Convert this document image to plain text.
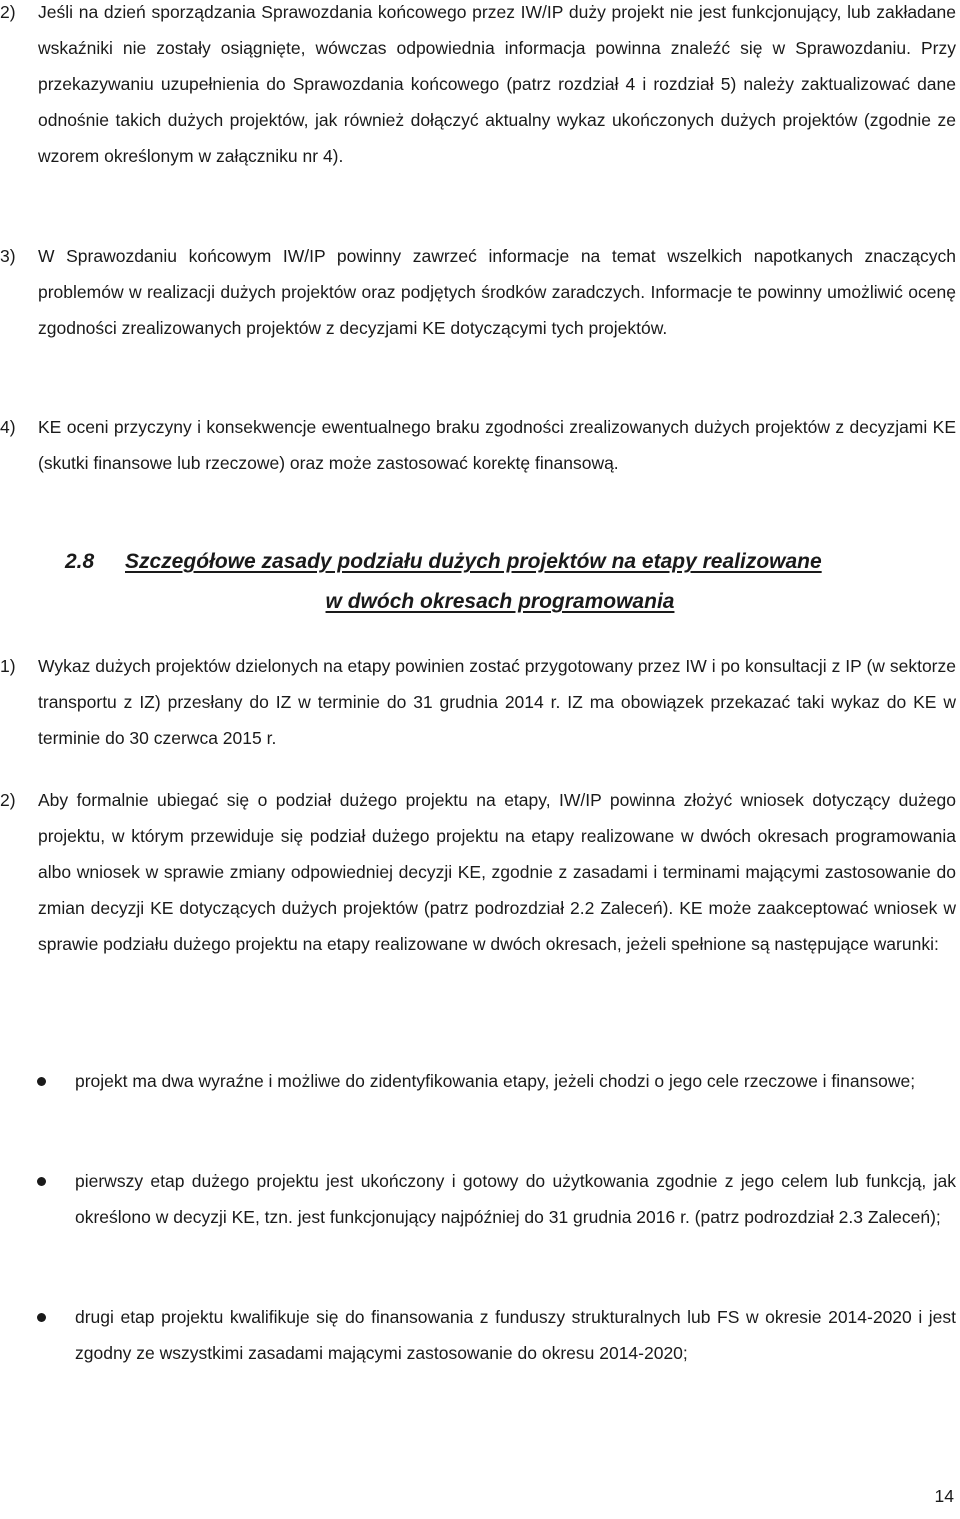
2)	Jeśli na dzień sporządzania Sprawozdania końcowego przez IW/IP duży projekt nie jest funkcjonujący, lub zakładane wskaźniki nie zostały osiągnięte, wówczas odpowiednia informacja powinna znaleźć się w Sprawozdaniu. Przy przekazywaniu uzupełnienia do Sprawozdania końcowego (patrz rozdział 4 i rozdział 5) należy zaktualizować dane odnośnie takich dużych projektów, jak również dołączyć aktualny wykaz ukończonych dużych projektów (zgodnie ze wzorem określonym w załączniku nr 4).
3)	W Sprawozdaniu końcowym IW/IP powinny zawrzeć informacje na temat wszelkich napotkanych znaczących problemów w realizacji dużych projektów oraz podjętych środków zaradczych. Informacje te powinny umożliwić ocenę zgodności zrealizowanych projektów z decyzjami KE dotyczącymi tych projektów.
4)	KE oceni przyczyny i konsekwencje ewentualnego braku zgodności zrealizowanych dużych projektów z decyzjami KE (skutki finansowe lub rzeczowe) oraz może zastosować korektę finansową.
2.8 Szczegółowe zasady podziału dużych projektów na etapy realizowane
w dwóch okresach programowania
1)	Wykaz dużych projektów dzielonych na etapy powinien zostać przygotowany przez IW i po konsultacji z IP (w sektorze transportu z IZ) przesłany do IZ w terminie do 31 grudnia 2014 r. IZ ma obowiązek przekazać taki wykaz do KE w terminie do 30 czerwca 2015 r.
2)	Aby formalnie ubiegać się o podział dużego projektu na etapy, IW/IP powinna złożyć wniosek dotyczący dużego projektu, w którym przewiduje się podział dużego projektu na etapy realizowane w dwóch okresach programowania albo wniosek w sprawie zmiany odpowiedniej decyzji KE, zgodnie z zasadami i terminami mającymi zastosowanie do zmian decyzji KE dotyczących dużych projektów (patrz podrozdział 2.2 Zaleceń). KE może zaakceptować wniosek w sprawie podziału dużego projektu na etapy realizowane w dwóch okresach, jeżeli spełnione są następujące warunki:
projekt ma dwa wyraźne i możliwe do zidentyfikowania etapy, jeżeli chodzi o jego cele rzeczowe i finansowe;
pierwszy etap dużego projektu jest ukończony i gotowy do użytkowania zgodnie z jego celem lub funkcją, jak określono w decyzji KE, tzn. jest funkcjonujący najpóźniej do 31 grudnia 2016 r. (patrz podrozdział 2.3 Zaleceń);
drugi etap projektu kwalifikuje się do finansowania z funduszy strukturalnych lub FS w okresie 2014-2020 i jest zgodny ze wszystkimi zasadami mającymi zastosowanie do okresu 2014-2020;
14
